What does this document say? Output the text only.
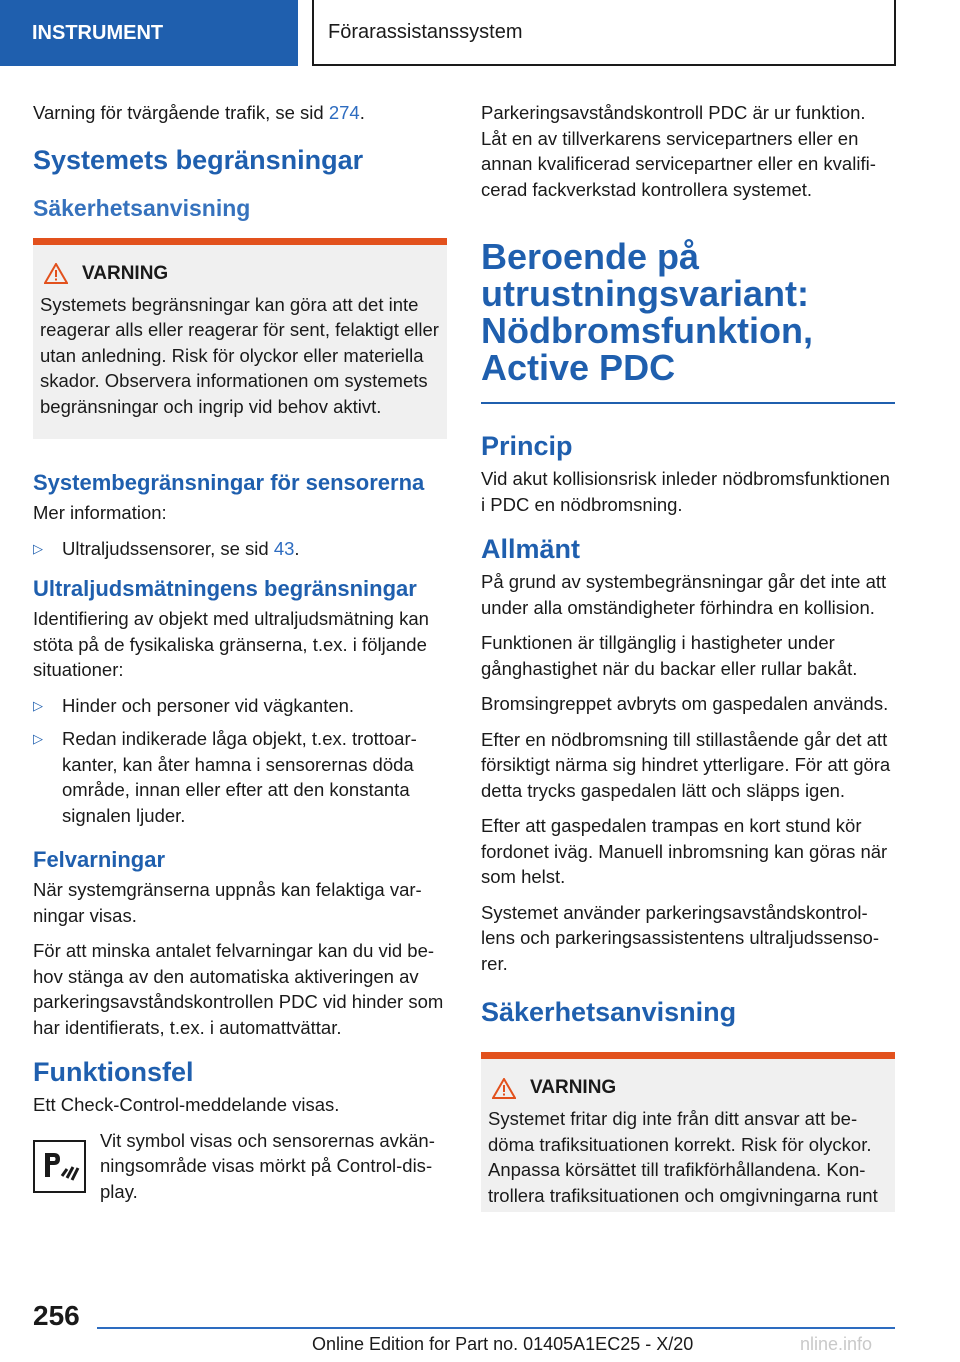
INSTRUMENT	Förarassistanssystem

Varning för tvärgående trafik, se sid 274.

Systemets begränsningar
Säkerhetsanvisning
VARNING

Systemets begränsningar kan göra att det inte reagerar alls eller reagerar för sent, felaktigt eller utan anledning. Risk för olyckor eller materiella skador. Observera informationen om systemets begränsningar och ingrip vid behov aktivt.

Systembegränsningar för sensorerna

Mer information:

▷	Ultraljudssensorer, se sid 43.
Ultraljudsmätningens begränsningar

Identifiering av objekt med ultraljudsmätning kan stöta på de fysikaliska gränserna, t.ex. i följande situationer:

▷	Hinder och personer vid vägkanten.
▷	Redan indikerade låga objekt, t.ex. trottoarkanter, kan åter hamna i sensorernas döda område, innan eller efter att den konstanta signalen ljuder.
Felvarningar

När systemgränserna uppnås kan felaktiga varningar visas.

För att minska antalet felvarningar kan du vid behov stänga av den automatiska aktiveringen av parkeringsavståndskontrollen PDC vid hinder som har identifierats, t.ex. i automattvättar.

Funktionsfel

Ett Check-Control-meddelande visas.

Vit symbol visas och sensorernas avkänningsområde visas mörkt på Control-display.

Parkeringsavståndskontroll PDC är ur funktion. Låt en av tillverkarens servicepartners eller en annan kvalificerad servicepartner eller en kvalificerad fackverkstad kontrollera systemet.

Beroende på utrustningsvariant: Nödbromsfunktion, Active PDC
Princip

Vid akut kollisionsrisk inleder nödbromsfunktionen i PDC en nödbromsning.

Allmänt

På grund av systembegränsningar går det inte att under alla omständigheter förhindra en kollision.

Funktionen är tillgänglig i hastigheter under gånghastighet när du backar eller rullar bakåt.

Bromsingreppet avbryts om gaspedalen används.

Efter en nödbromsning till stillastående går det att försiktigt närma sig hindret ytterligare. För att göra detta trycks gaspedalen lätt och släpps igen.

Efter att gaspedalen trampas en kort stund kör fordonet iväg. Manuell inbromsning kan göras när som helst.

Systemet använder parkeringsavståndskontrollens och parkeringsassistentens ultraljudssensorer.

Säkerhetsanvisning
VARNING

Systemet fritar dig inte från ditt ansvar att bedöma trafiksituationen korrekt. Risk för olyckor. Anpassa körsättet till trafikförhållandena. Kontrollera trafiksituationen och omgivningarna runt

256
Online Edition for Part no. 01405A1EC25 - X/20	nline.info
